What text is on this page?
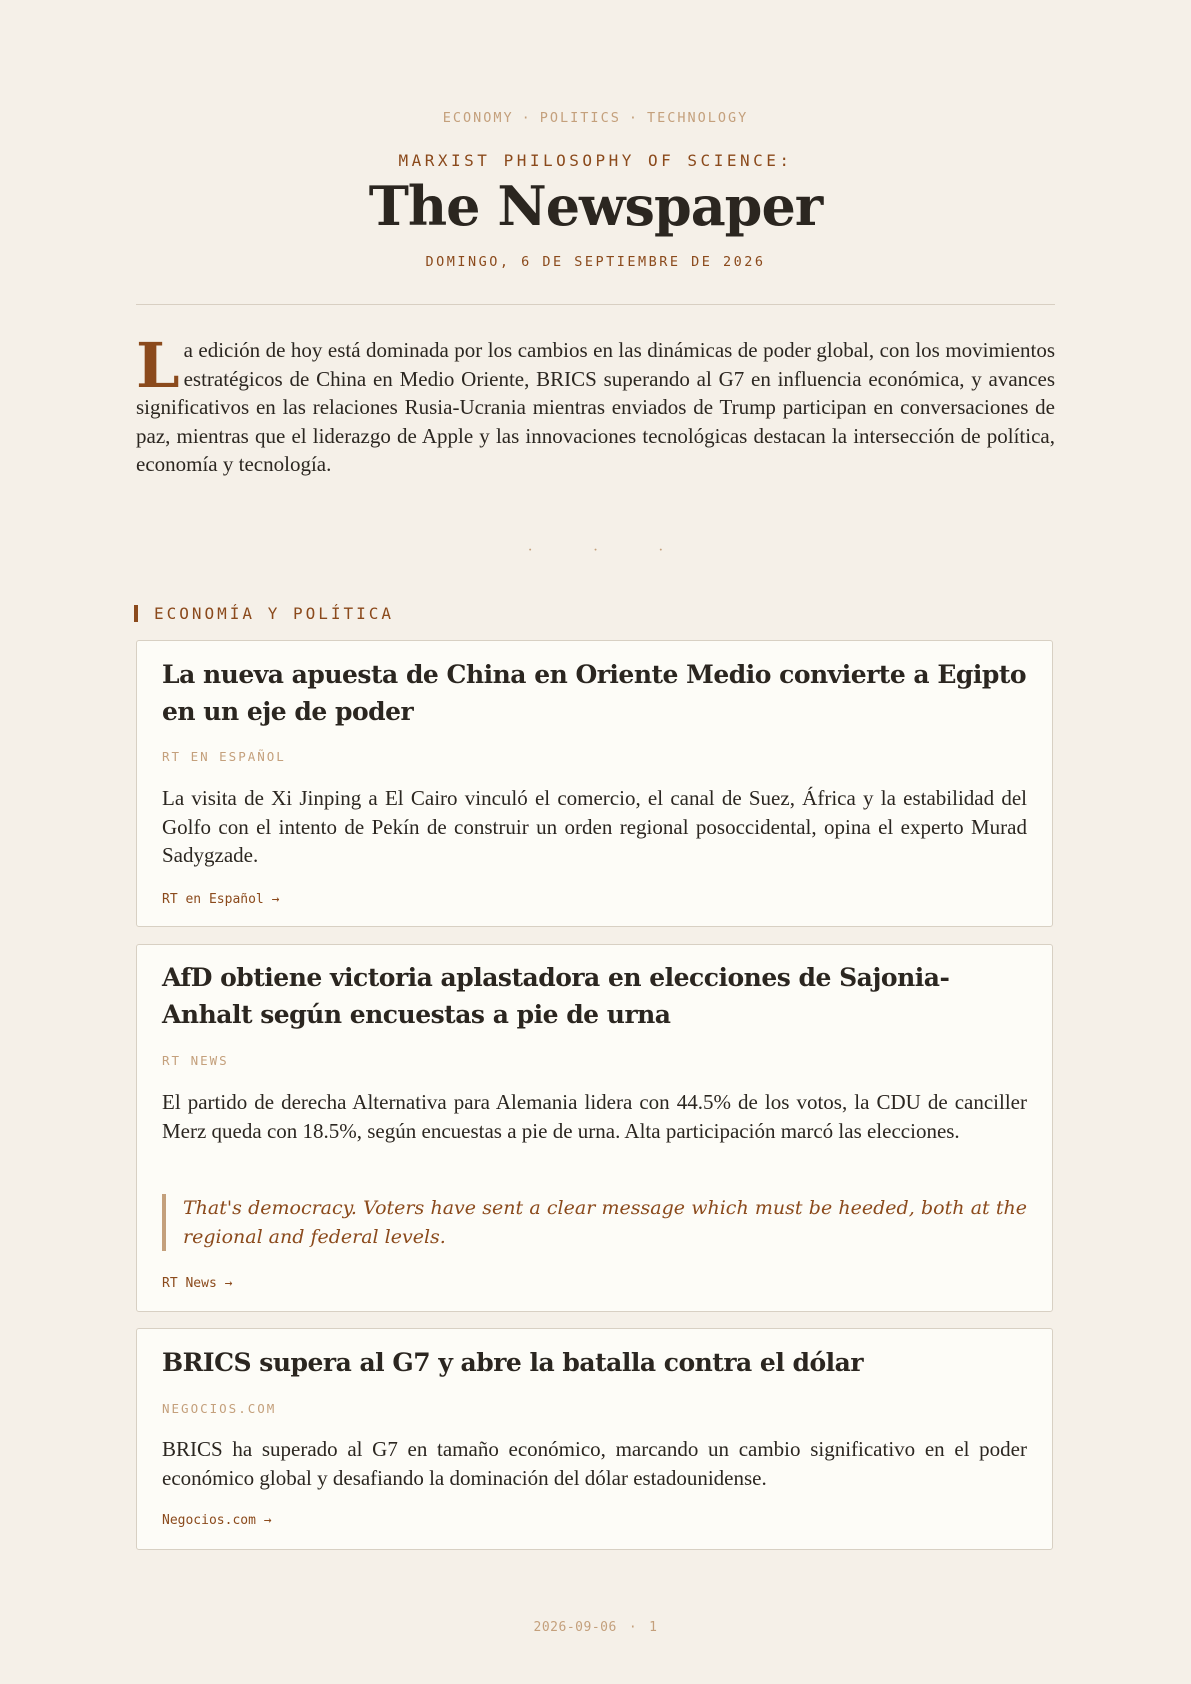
ECONOMY · POLITICS · TECHNOLOGY
MARXIST PHILOSOPHY OF SCIENCE:
The Newspaper
DOMINGO, 6 DE SEPTIEMBRE DE 2026
La edición de hoy está dominada por los cambios en las dinámicas de poder global, con los movimientos estratégicos de China en Medio Oriente, BRICS superando al G7 en influencia económica, y avances significativos en las relaciones Rusia-Ucrania mientras enviados de Trump participan en conversaciones de paz, mientras que el liderazgo de Apple y las innovaciones tecnológicas destacan la intersección de política, economía y tecnología.
· · ·
ECONOMÍA Y POLÍTICA
La nueva apuesta de China en Oriente Medio convierte a Egipto en un eje de poder
RT EN ESPAÑOL
La visita de Xi Jinping a El Cairo vinculó el comercio, el canal de Suez, África y la estabilidad del Golfo con el intento de Pekín de construir un orden regional posoccidental, opina el experto Murad Sadygzade.
RT en Español →
AfD obtiene victoria aplastadora en elecciones de Sajonia-Anhalt según encuestas a pie de urna
RT NEWS
El partido de derecha Alternativa para Alemania lidera con 44.5% de los votos, la CDU de canciller Merz queda con 18.5%, según encuestas a pie de urna. Alta participación marcó las elecciones.
That's democracy. Voters have sent a clear message which must be heeded, both at the regional and federal levels.
RT News →
BRICS supera al G7 y abre la batalla contra el dólar
NEGOCIOS.COM
BRICS ha superado al G7 en tamaño económico, marcando un cambio significativo en el poder económico global y desafiando la dominación del dólar estadounidense.
Negocios.com →
2026-09-06 · 1
